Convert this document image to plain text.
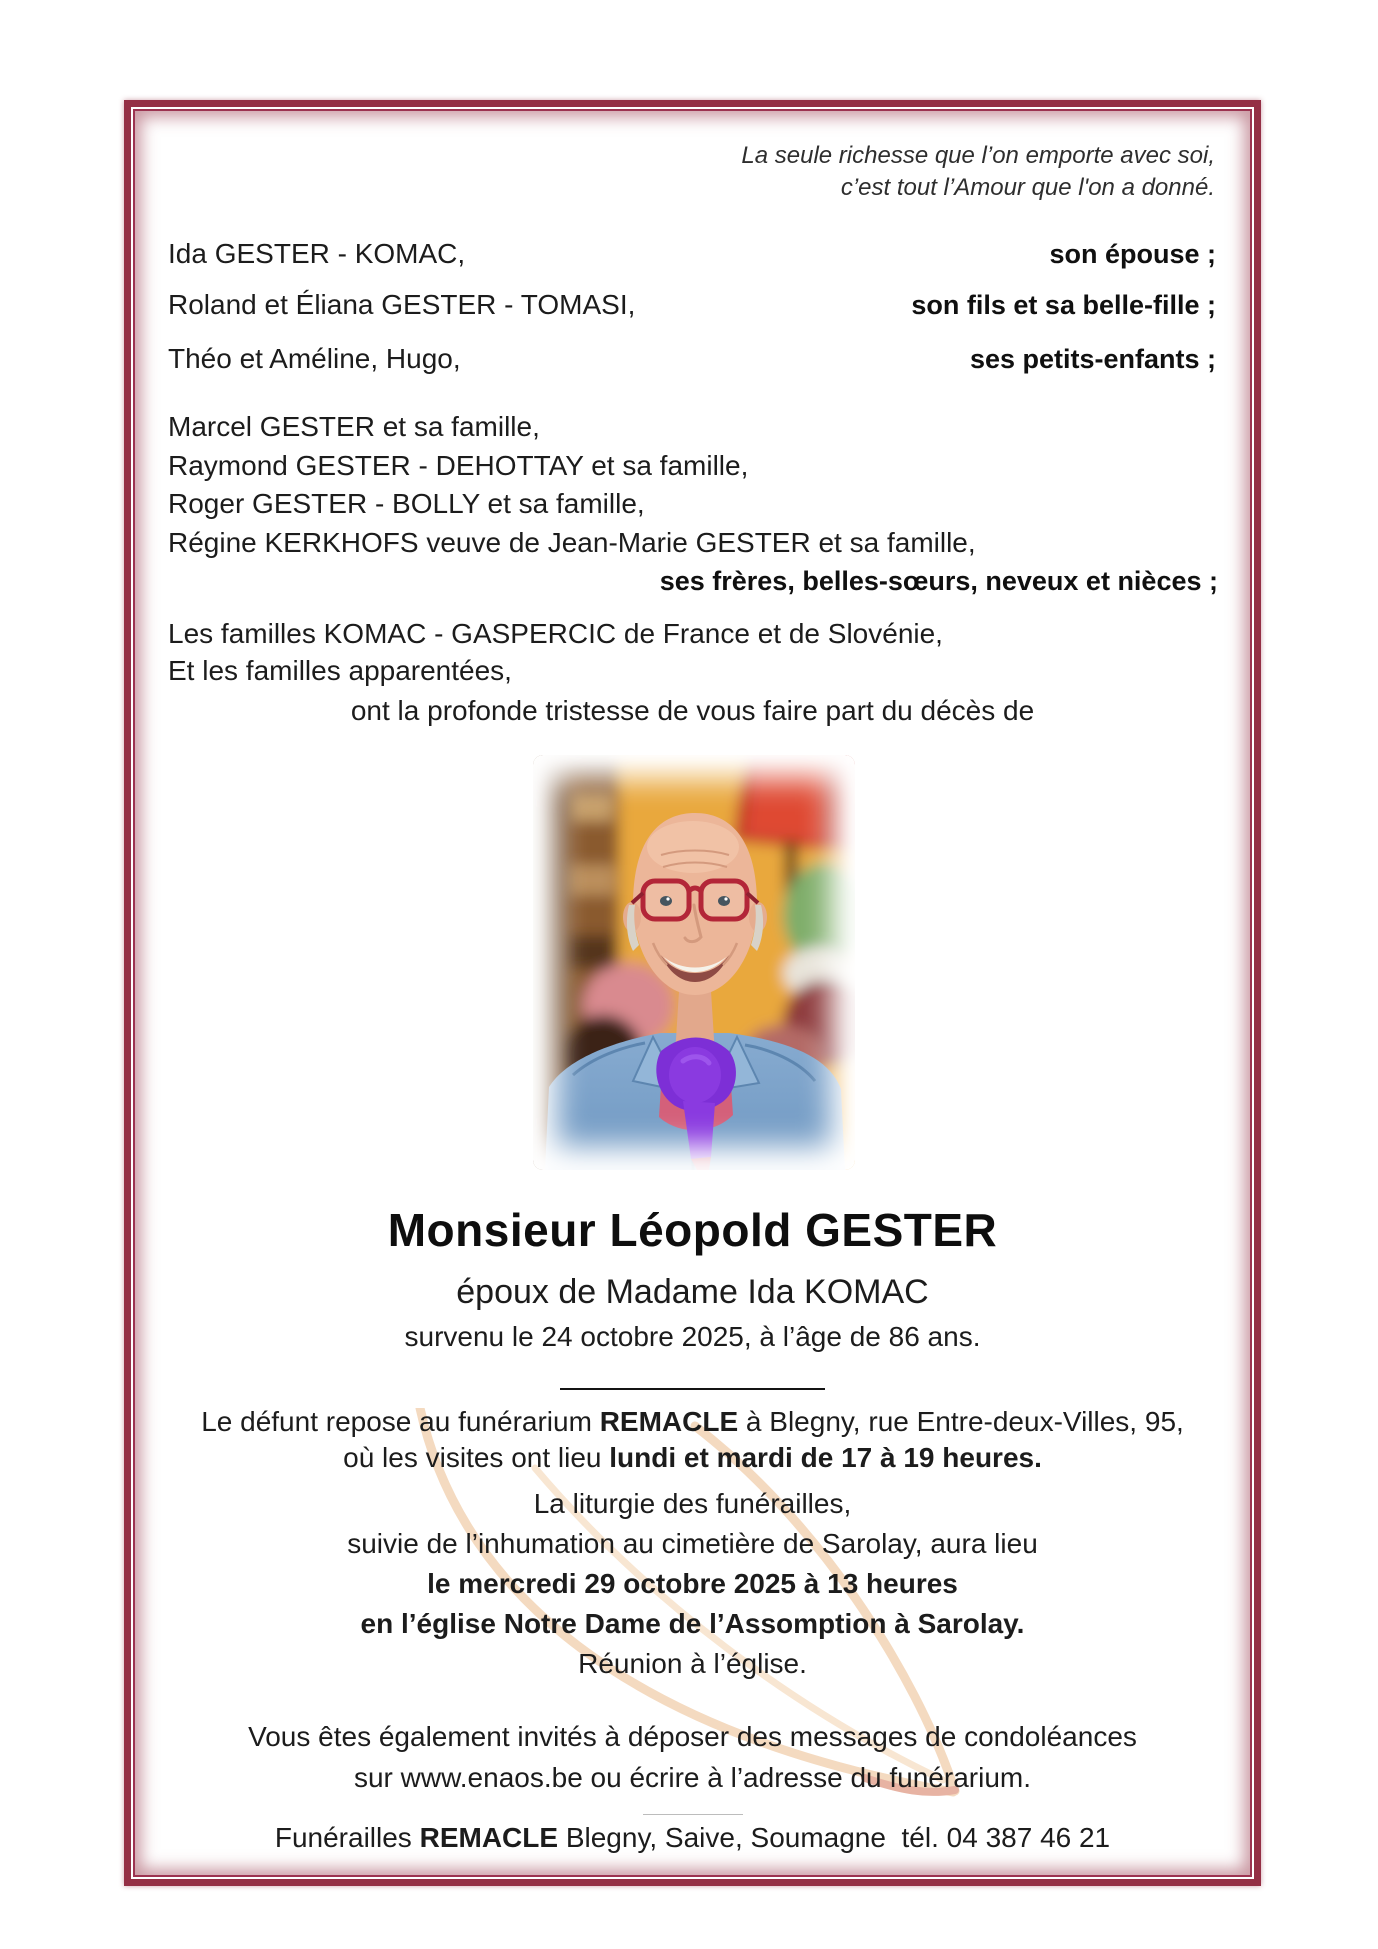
La seule richesse que l’on emporte avec soi,
c’est tout l’Amour que l'on a donné.
Ida GESTER - KOMAC,	son épouse ;
Roland et Éliana GESTER - TOMASI,	son fils et sa belle-fille ;
Théo et Améline, Hugo,	ses petits-enfants ;
Marcel GESTER et sa famille,
Raymond GESTER - DEHOTTAY et sa famille,
Roger GESTER - BOLLY et sa famille,
Régine KERKHOFS veuve de Jean-Marie GESTER et sa famille,
ses frères, belles-sœurs, neveux et nièces ;
Les familles KOMAC - GASPERCIC de France et de Slovénie,
Et les familles apparentées,
ont la profonde tristesse de vous faire part du décès de
Monsieur Léopold GESTER
époux de Madame Ida KOMAC
survenu le 24 octobre 2025, à l’âge de 86 ans.
Le défunt repose au funérarium REMACLE à Blegny, rue Entre-deux-Villes, 95,
où les visites ont lieu lundi et mardi de 17 à 19 heures.
La liturgie des funérailles,
suivie de l’inhumation au cimetière de Sarolay, aura lieu
le mercredi 29 octobre 2025 à 13 heures
en l’église Notre Dame de l’Assomption à Sarolay.
Réunion à l’église.
Vous êtes également invités à déposer des messages de condoléances
sur www.enaos.be ou écrire à l’adresse du funérarium.
Funérailles REMACLE Blegny, Saive, Soumagne  tél. 04 387 46 21
